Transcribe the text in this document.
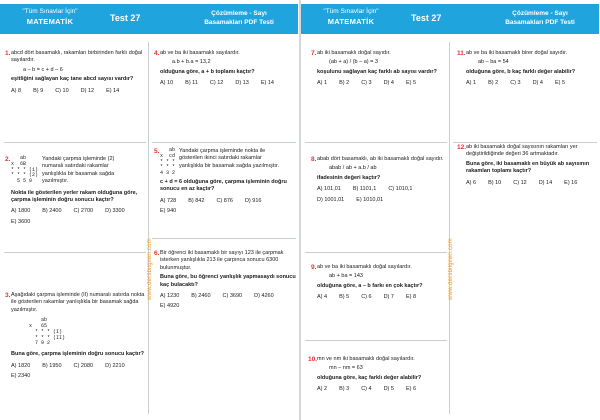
"Tüm Sınavlar İçin"
MATEMATİK	Test 27	Çözümleme - Sayı
Basamakları PDF Testi
www.dersbilgileri.com
1. abcd dört basamaklı, rakamları birbirinden farklı doğal sayılardır.
a – b = c + d – 6
eşitliğini sağlayan kaç tane abcd sayısı vardır?
A) 8 B) 9 C) 10 D) 12 E) 14
2. ab
x  6B
* * * (1)
* * * (2)
5 5 0
Yandaki çarpma işleminde (2) numaralı satırdaki rakamlar yanlışlıkla bir basamak sağda yazılmıştır.
Nokta ile gösterilen yerler rakam olduğuna göre, çarpma işleminin doğru sonucu kaçtır?
A) 1800 B) 2400 C) 2700 D) 3300
E) 3600
3. Aşağıdaki çarpma işleminde (II) numaralı satırda nokta ile gösterilen rakamlar yanlışlıkla bir basamak sağda yazılmıştır.
ab
x   65
* * * (I)
* * * (II)
7 9 2
Buna göre, çarpma işleminin doğru sonucu kaçtır?
A) 1820 B) 1950 C) 2080 D) 2210
E) 2340
4. ab ve ba iki basamaklı sayılardır.
a.b + b.a = 13,2
olduğuna göre, a + b toplamı kaçtır?
A) 10 B) 11 C) 12 D) 13 E) 14
5. ab
x  cd
* * *
* * *
4 3 2
Yandaki çarpma işleminde nokta ile gösterilen ikinci satırdaki rakamlar yanlışlıkla bir basamak sağda yazılmıştır.
c + d = 6 olduğuna göre, çarpma işleminin doğru sonucu en az kaçtır?
A) 728 B) 842 C) 876 D) 916
E) 940
6. Bir öğrenci iki basamaklı bir sayıyı 123 ile çarpmak isterken yanlışlıkla 213 ile çarpınca sonucu 6300 bulunmuştur.
Buna göre, bu öğrenci yanlışlık yapmasaydı sonucu kaç bulacaktı?
A) 1230 B) 2460 C) 3690 D) 4260
E) 4920
"Tüm Sınavlar İçin"
MATEMATİK	Test 27	Çözümleme - Sayı
Basamakları PDF Testi
www.dersbilgileri.com
7. ab iki basamaklı doğal sayıdır.
(ab + a) / (b – a) = 3
koşulunu sağlayan kaç farklı ab sayısı vardır?
A) 1 B) 2 C) 3 D) 4 E) 5
8. abab dört basamaklı, ab iki basamaklı doğal sayıdır.
abab / ab + a.b / ab
ifadesinin değeri kaçtır?
A) 101,01 B) 1101,1 C) 1010,1
D) 1001,01 E) 1010,01
9. ab ve ba iki basamaklı doğal sayılardır.
ab + ba = 143
olduğuna göre, a – b farkı en çok kaçtır?
A) 4 B) 5 C) 6 D) 7 E) 8
10. mn ve nm iki basamaklı doğal sayılardır.
mn – nm = 63
olduğuna göre, kaç farklı değer alabilir?
A) 2 B) 3 C) 4 D) 5 E) 6
11. ab ve ba iki basamaklı birer doğal sayıdır.
ab – ba = 54
olduğuna göre, b kaç farklı değer alabilir?
A) 1 B) 2 C) 3 D) 4 E) 5
12. ab iki basamaklı doğal sayısının rakamları yer değiştirildiğinde değeri 36 artmaktadır.
Buna göre, iki basamaklı en büyük ab sayısının rakamları toplamı kaçtır?
A) 6 B) 10 C) 12 D) 14 E) 16
